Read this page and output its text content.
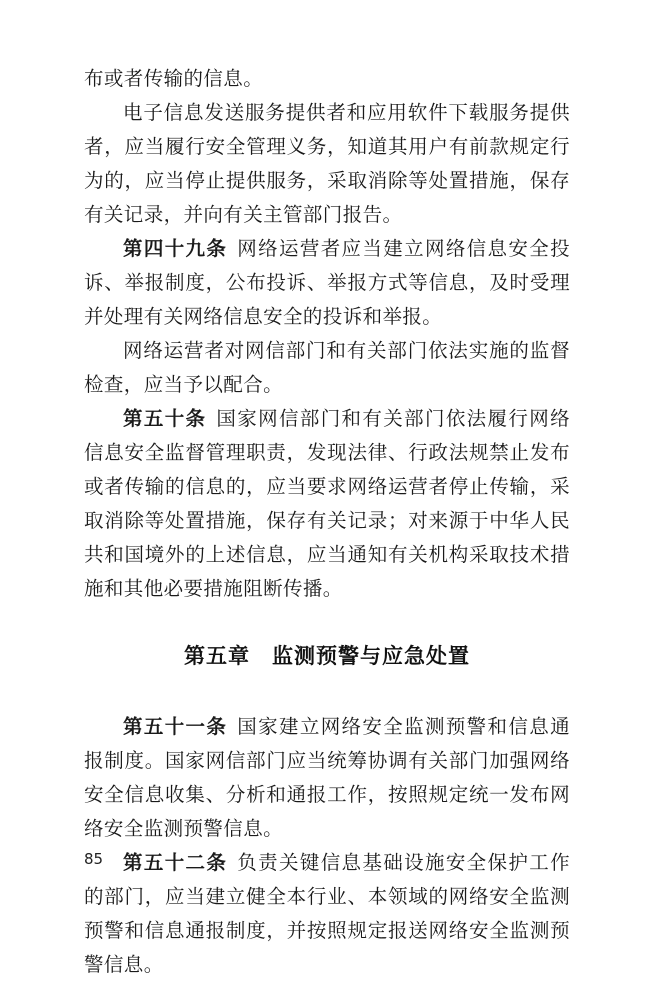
布或者传输的信息。

电子信息发送服务提供者和应用软件下载服务提供者，应当履行安全管理义务，知道其用户有前款规定行为的，应当停止提供服务，采取消除等处置措施，保存有关记录，并向有关主管部门报告。

第四十九条 网络运营者应当建立网络信息安全投诉、举报制度，公布投诉、举报方式等信息，及时受理并处理有关网络信息安全的投诉和举报。

网络运营者对网信部门和有关部门依法实施的监督检查，应当予以配合。

第五十条 国家网信部门和有关部门依法履行网络信息安全监督管理职责，发现法律、行政法规禁止发布或者传输的信息的，应当要求网络运营者停止传输，采取消除等处置措施，保存有关记录；对来源于中华人民共和国境外的上述信息，应当通知有关机构采取技术措施和其他必要措施阻断传播。

第五章　监测预警与应急处置

第五十一条 国家建立网络安全监测预警和信息通报制度。国家网信部门应当统筹协调有关部门加强网络安全信息收集、分析和通报工作，按照规定统一发布网络安全监测预警信息。

第五十二条 负责关键信息基础设施安全保护工作的部门，应当建立健全本行业、本领域的网络安全监测预警和信息通报制度，并按照规定报送网络安全监测预警信息。

85
